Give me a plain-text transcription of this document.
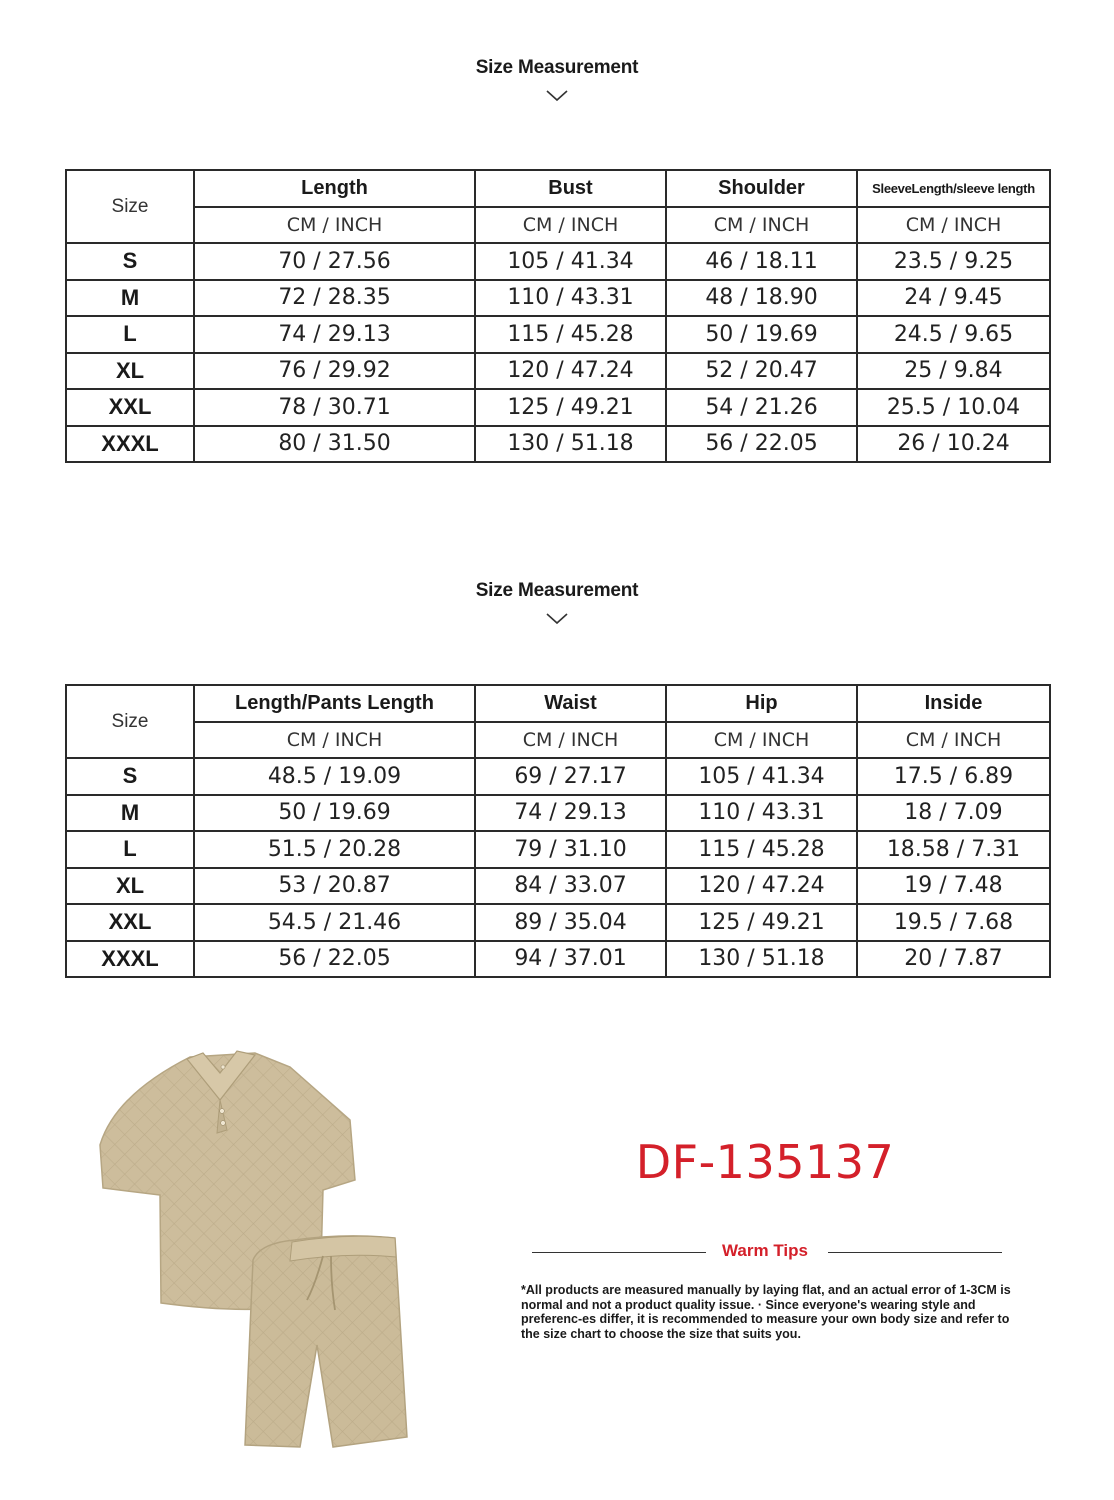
Size Measurement
Size	Length	Bust	Shoulder	SleeveLength/sleeve length
	CM / INCH	CM / INCH	CM / INCH	CM / INCH
S	70 / 27.56	105 / 41.34	46 / 18.11	23.5 / 9.25
M	72 / 28.35	110 / 43.31	48 / 18.90	24 / 9.45
L	74 / 29.13	115 / 45.28	50 / 19.69	24.5 / 9.65
XL	76 / 29.92	120 / 47.24	52 / 20.47	25 / 9.84
XXL	78 / 30.71	125 / 49.21	54 / 21.26	25.5 / 10.04
XXXL	80 / 31.50	130 / 51.18	56 / 22.05	26 / 10.24
Size Measurement
Size	Length/Pants Length	Waist	Hip	Inside
	CM / INCH	CM / INCH	CM / INCH	CM / INCH
S	48.5 / 19.09	69 / 27.17	105 / 41.34	17.5 / 6.89
M	50 / 19.69	74 / 29.13	110 / 43.31	18 / 7.09
L	51.5 / 20.28	79 / 31.10	115 / 45.28	18.58 / 7.31
XL	53 / 20.87	84 / 33.07	120 / 47.24	19 / 7.48
XXL	54.5 / 21.46	89 / 35.04	125 / 49.21	19.5 / 7.68
XXXL	56 / 22.05	94 / 37.01	130 / 51.18	20 / 7.87
DF-135137
Warm Tips
*All products are measured manually by laying flat, and an actual error of 1-3CM is normal and not a product quality issue. · Since everyone's wearing style and preferenc-es differ, it is recommended to measure your own body size and refer to the size chart to choose the size that suits you.
